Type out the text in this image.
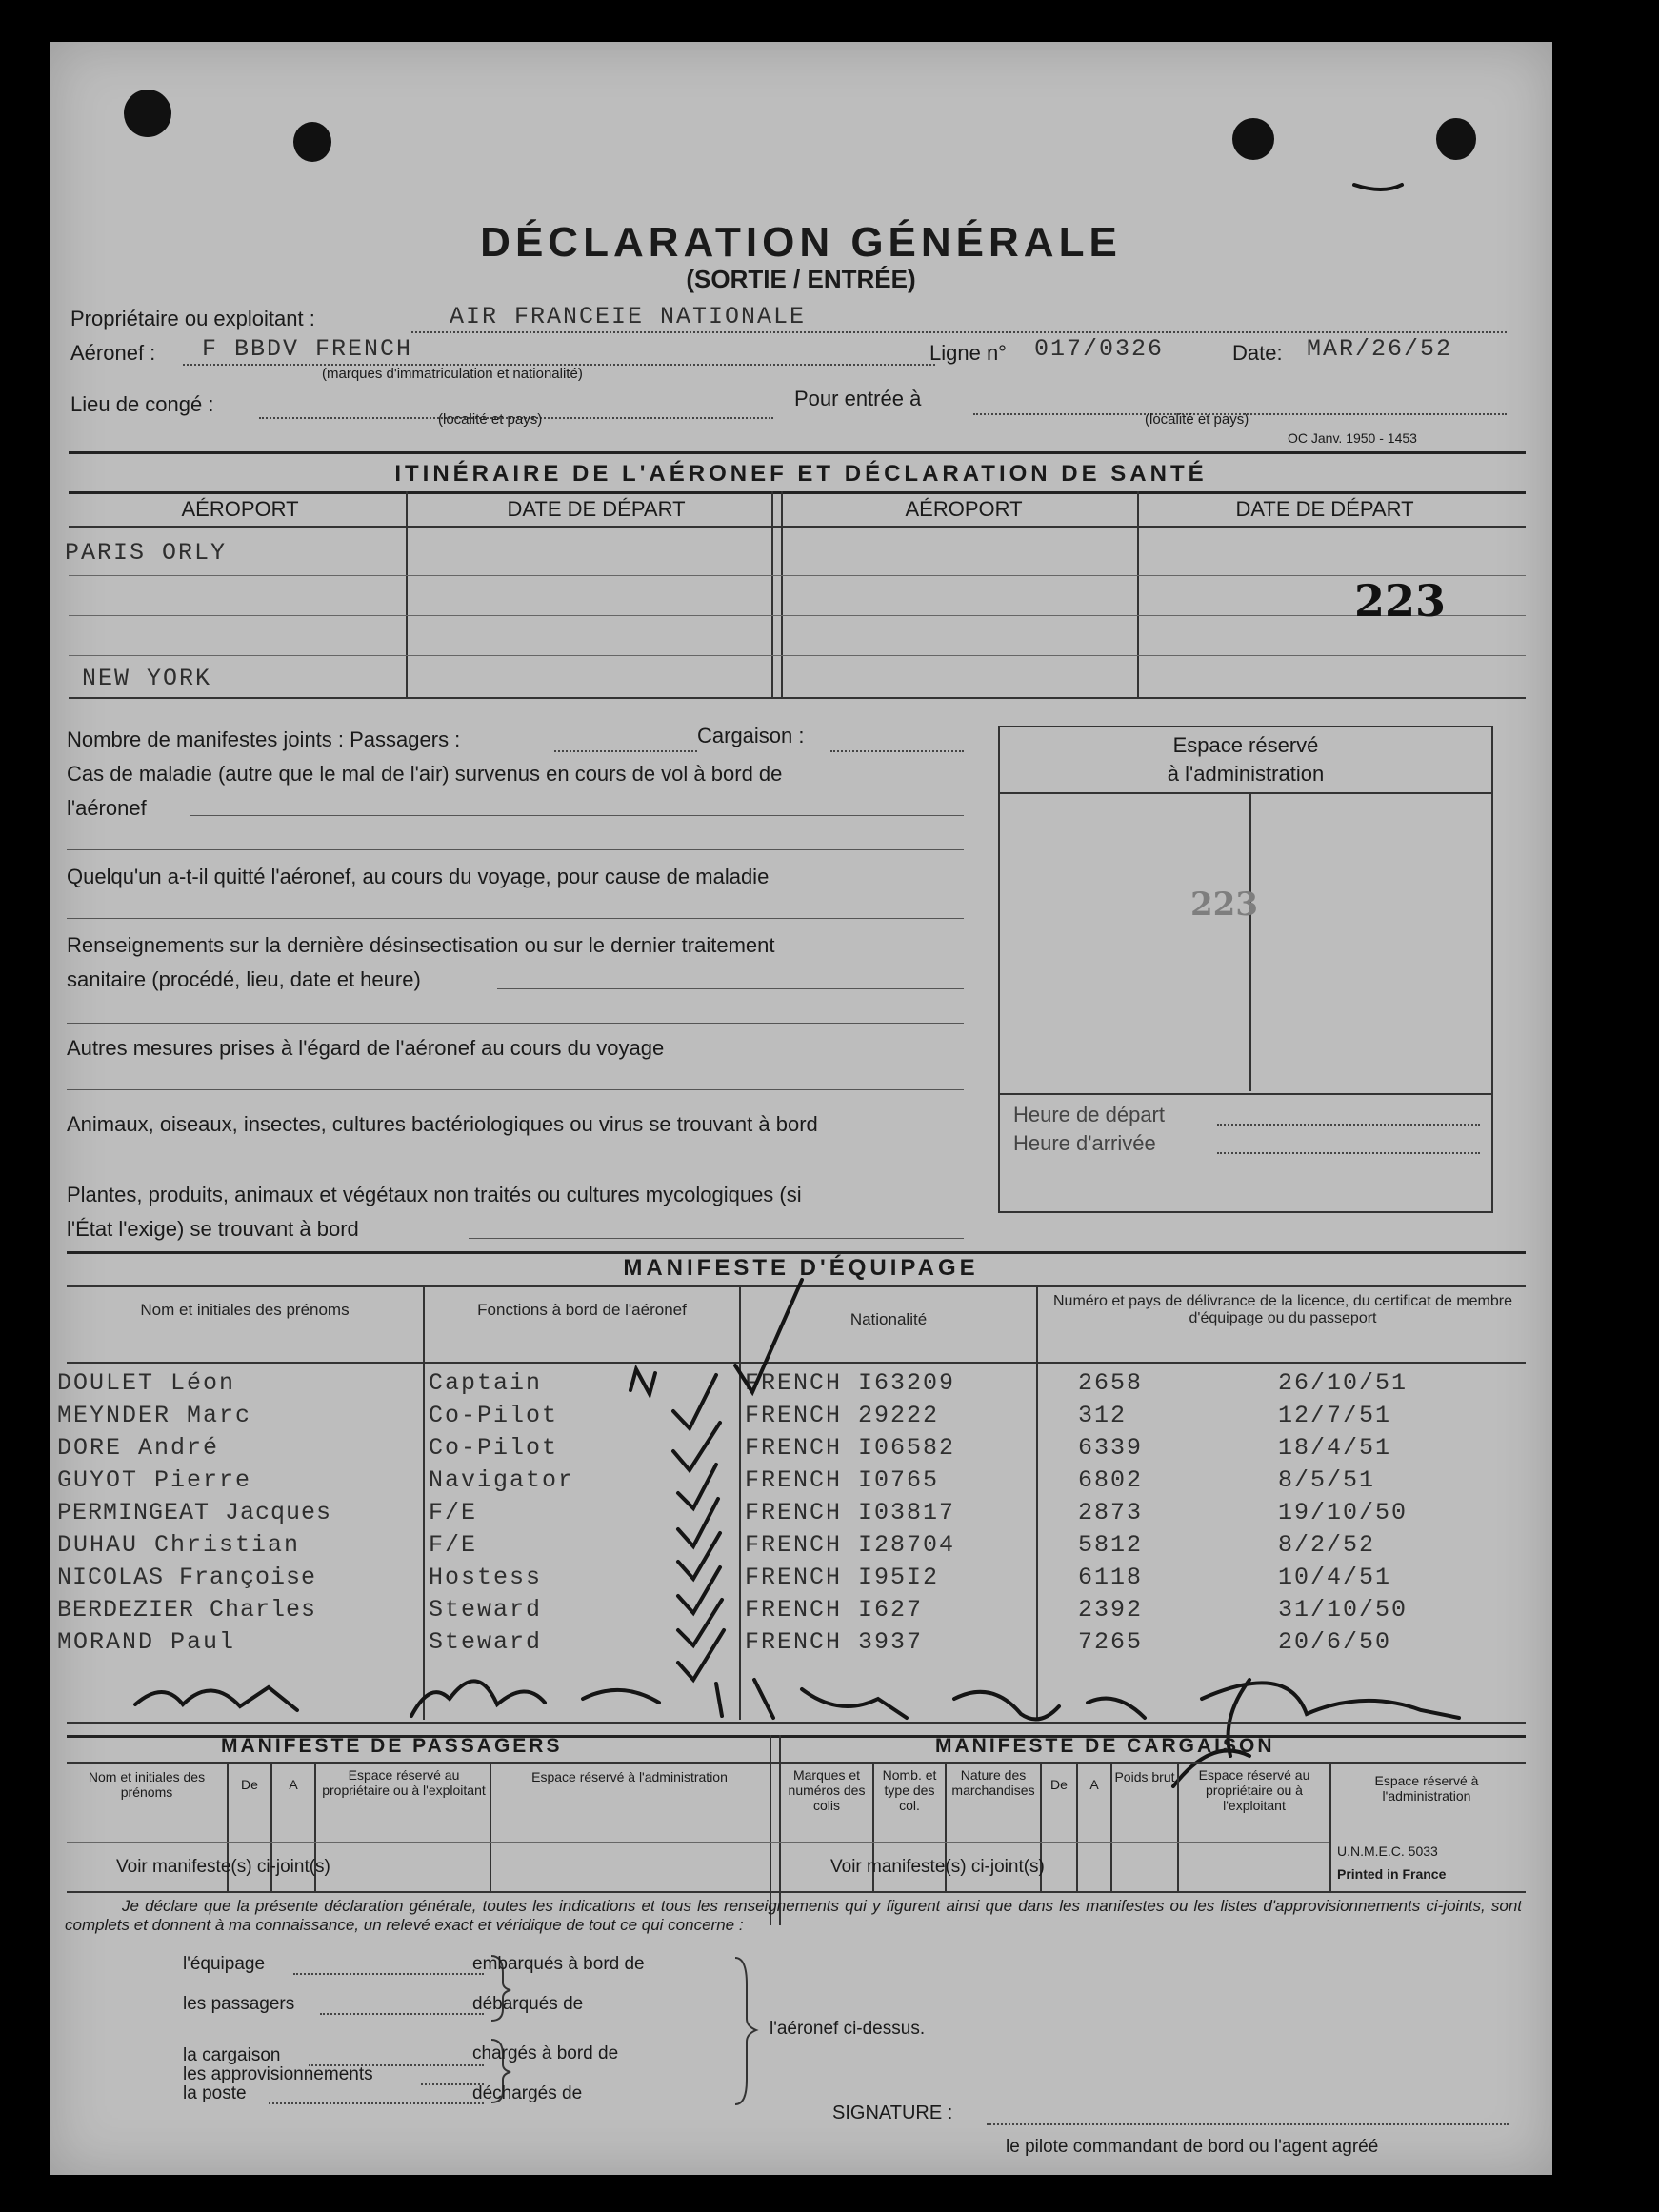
DÉCLARATION GÉNÉRALE
(SORTIE / ENTRÉE)
Propriétaire ou exploitant :	AIR FRANCEIE NATIONALE
Aéronef : F BBDV FRENCH
(marques d'immatriculation et nationalité)
Ligne n° 017/0326	Date: MAR/26/52
Lieu de congé :
(localité et pays)
Pour entrée à
(localité et pays)
OC Janv. 1950 - 1453
ITINÉRAIRE DE L'AÉRONEF ET DÉCLARATION DE SANTÉ
AÉROPORT	DATE DE DÉPART	AÉROPORT	DATE DE DÉPART
PARIS ORLY
NEW YORK
223
Nombre de manifestes joints : Passagers :	Cargaison :
Cas de maladie (autre que le mal de l'air) survenus en cours de vol à bord de
l'aéronef
Quelqu'un a-t-il quitté l'aéronef, au cours du voyage, pour cause de maladie
Renseignements sur la dernière désinsectisation ou sur le dernier traitement
sanitaire (procédé, lieu, date et heure)
Autres mesures prises à l'égard de l'aéronef au cours du voyage
Animaux, oiseaux, insectes, cultures bactériologiques ou virus se trouvant à bord
Plantes, produits, animaux et végétaux non traités ou cultures mycologiques (si
l'État l'exige) se trouvant à bord
Espace réservé
à l'administration
223
Heure de départ
Heure d'arrivée
MANIFESTE D'ÉQUIPAGE
Nom et initiales des prénoms	Fonctions à bord de l'aéronef
Nationalité
Numéro et pays de délivrance de la licence, du certificat de membre d'équipage ou du passeport
DOULET Léon	Captain	FRENCH I63209	2658	26/10/51
MEYNDER Marc	Co-Pilot	FRENCH 29222	312	12/7/51
DORE André	Co-Pilot	FRENCH I06582	6339	18/4/51
GUYOT Pierre	Navigator	FRENCH I0765	6802	8/5/51
PERMINGEAT Jacques	F/E	FRENCH I03817	2873	19/10/50
DUHAU Christian	F/E	FRENCH I28704	5812	8/2/52
NICOLAS Françoise	Hostess	FRENCH I95I2	6118	10/4/51
BERDEZIER Charles	Steward	FRENCH I627	2392	31/10/50
MORAND Paul	Steward	FRENCH 3937	7265	20/6/50
MANIFESTE DE PASSAGERS	MANIFESTE DE CARGAISON
Nom et initiales des prénoms	De	A
Espace réservé au propriétaire ou à l'exploitant
Espace réservé à l'administration	Marques et numéros des colis
Nomb. et type des col.
Nature des marchandises	De	A	Poids brut	Espace réservé au propriétaire ou à l'exploitant
Espace réservé à l'administration
U.N.M.E.C. 5033
Printed in France
Voir manifeste(s) ci-joint(s)	Voir manifeste(s) ci-joint(s)
Je déclare que la présente déclaration générale, toutes les indications et tous les renseignements qui y figurent ainsi que dans les manifestes ou les listes d'approvisionnements ci-joints, sont complets et donnent à ma connaissance, un relevé exact et véridique de tout ce qui concerne :
l'équipage
les passagers
la cargaison
les approvisionnements
la poste
embarqués à bord de
débarqués de
chargés à bord de
déchargés de
l'aéronef ci-dessus.
SIGNATURE :
le pilote commandant de bord ou l'agent agréé
